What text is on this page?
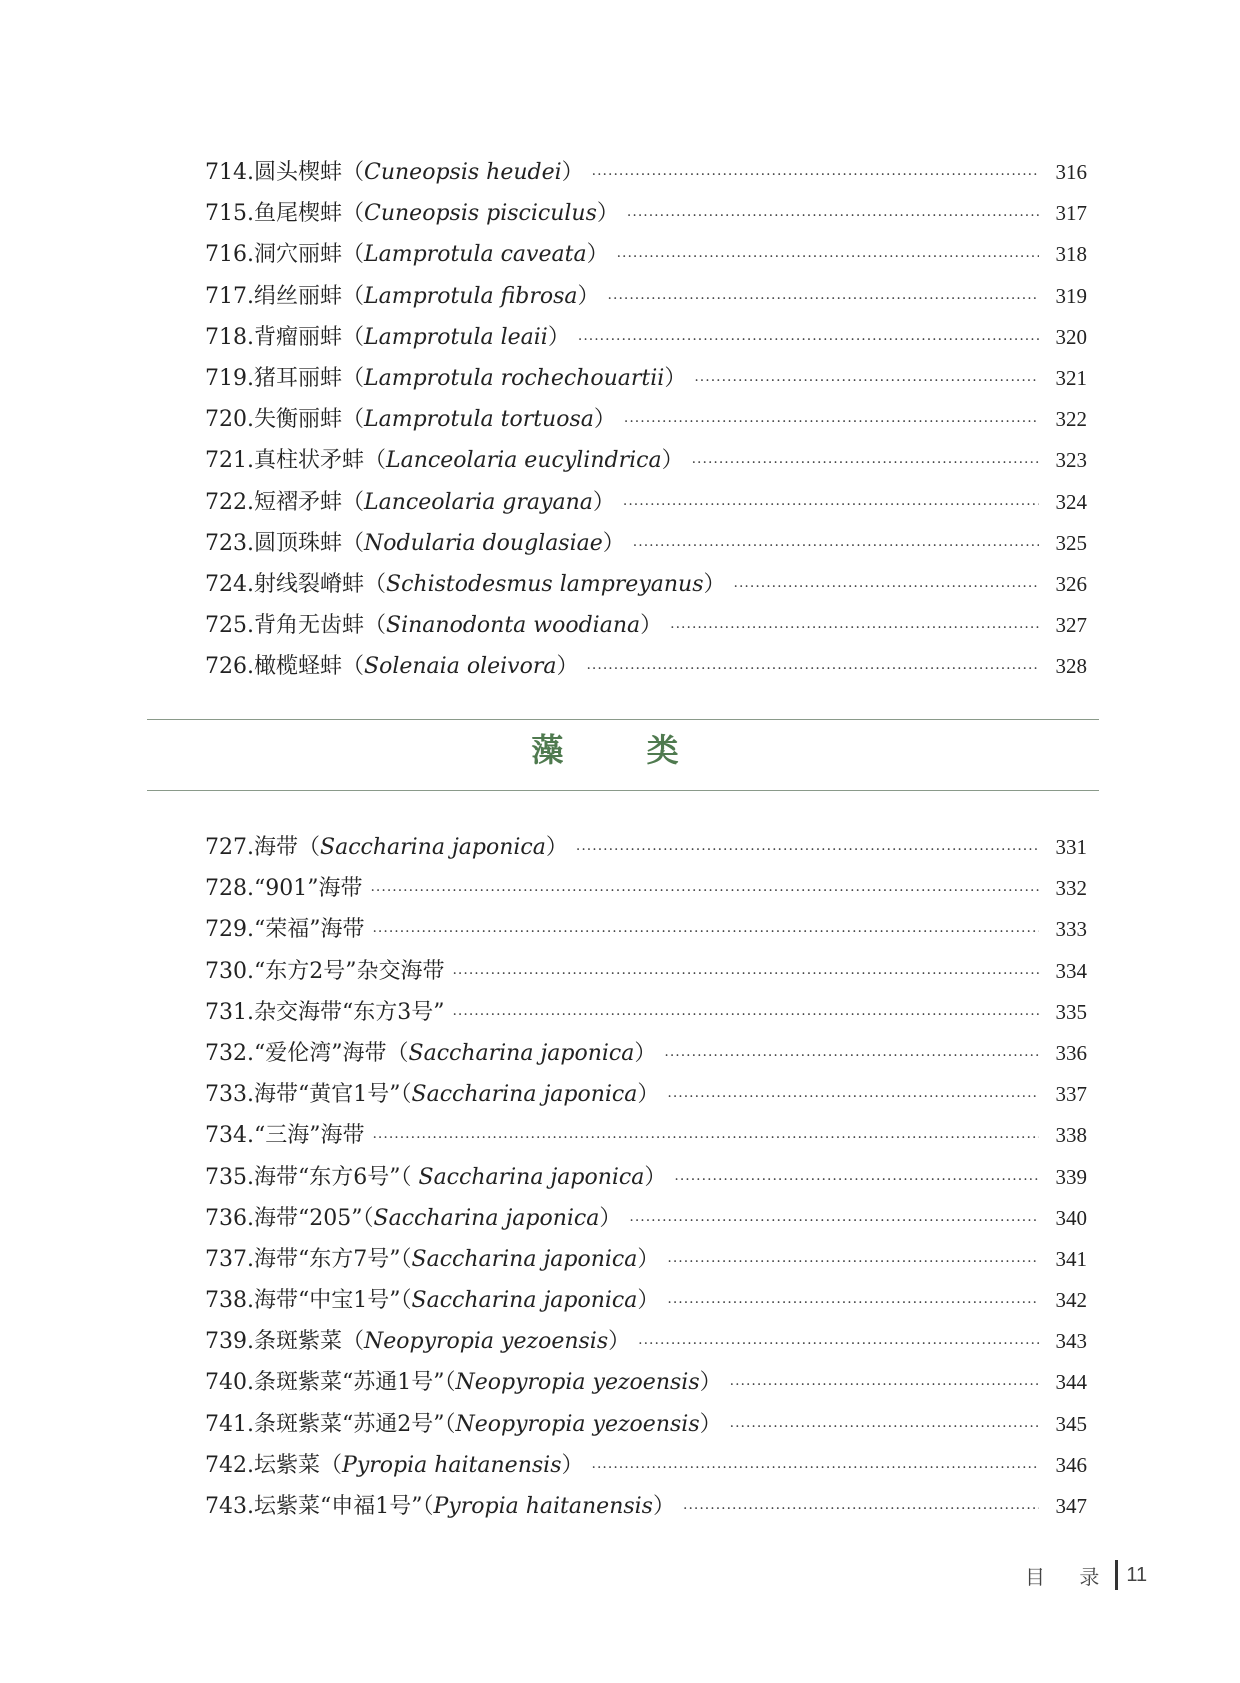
714. 圆头楔蚌（Cuneopsis heudei） ·····	316
715. 鱼尾楔蚌（Cuneopsis pisciculus） ·····	317
716. 洞穴丽蚌（Lamprotula caveata） ·····	318
717. 绢丝丽蚌（Lamprotula fibrosa） ·····	319
718. 背瘤丽蚌（Lamprotula leaii） ·····	320
719. 猪耳丽蚌（Lamprotula rochechouartii） ·····	321
720. 失衡丽蚌（Lamprotula tortuosa） ·····	322
721. 真柱状矛蚌（Lanceolaria eucylindrica） ·····	323
722. 短褶矛蚌（Lanceolaria grayana） ·····	324
723. 圆顶珠蚌（Nodularia douglasiae） ·····	325
724. 射线裂嵴蚌（Schistodesmus lampreyanus） ·····	326
725. 背角无齿蚌（Sinanodonta woodiana） ·····	327
726. 橄榄蛏蚌（Solenaia oleivora） ·····	328
藻 类
727. 海带（Saccharina japonica） ·····	331
728. “901”海带 ·····	332
729. “荣福”海带 ·····	333
730. “东方2号”杂交海带 ·····	334
731. 杂交海带“东方3号” ·····	335
732. “爱伦湾”海带（Saccharina japonica） ·····	336
733. 海带“黄官1号”（Saccharina japonica） ·····	337
734. “三海”海带 ·····	338
735. 海带“东方6号”（ Saccharina japonica） ·····	339
736. 海带“205”（Saccharina japonica） ·····	340
737. 海带“东方7号”（Saccharina japonica） ·····	341
738. 海带“中宝1号”（Saccharina japonica） ·····	342
739. 条斑紫菜（Neopyropia yezoensis） ·····	343
740. 条斑紫菜“苏通1号”（Neopyropia yezoensis） ·····	344
741. 条斑紫菜“苏通2号”（Neopyropia yezoensis） ·····	345
742. 坛紫菜（Pyropia haitanensis） ·····	346
743. 坛紫菜“申福1号”（Pyropia haitanensis） ·····	347
目 录 11
